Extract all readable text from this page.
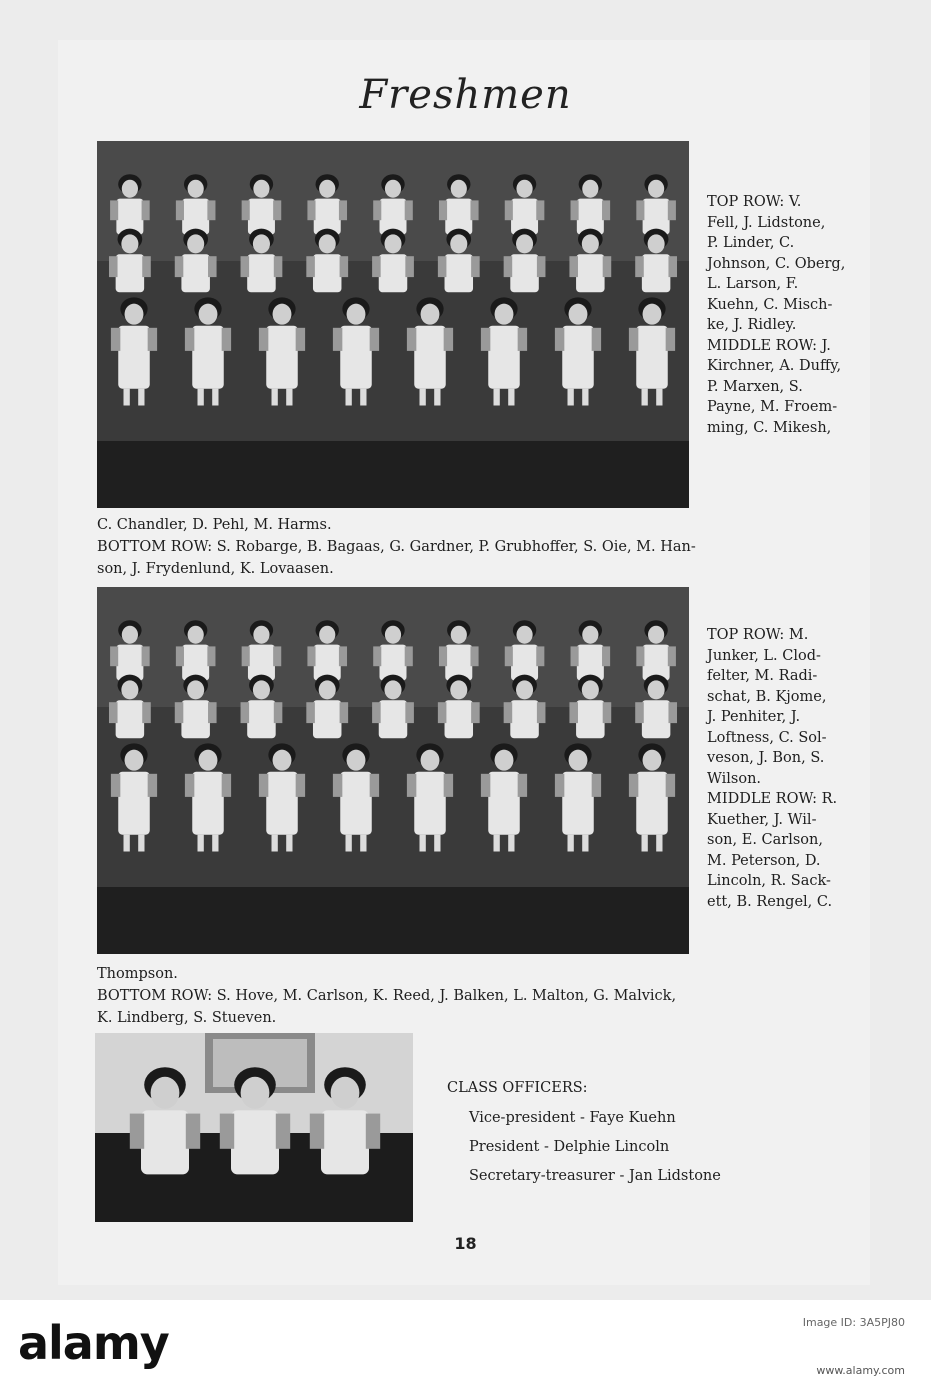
Freshmen
TOP ROW: V.
Fell, J. Lidstone,
P. Linder, C.
Johnson, C. Oberg,
L. Larson, F.
Kuehn, C. Misch-
ke, J. Ridley.
MIDDLE ROW: J.
Kirchner, A. Duffy,
P. Marxen, S.
Payne, M. Froem-
ming, C. Mikesh,
C. Chandler, D. Pehl, M. Harms.
BOTTOM ROW: S. Robarge, B. Bagaas, G. Gardner, P. Grubhoffer, S. Oie, M. Han-
son, J. Frydenlund, K. Lovaasen.
TOP ROW: M.
Junker, L. Clod-
felter, M. Radi-
schat, B. Kjome,
J. Penhiter, J.
Loftness, C. Sol-
veson, J. Bon, S.
Wilson.
MIDDLE ROW: R.
Kuether, J. Wil-
son, E. Carlson,
M. Peterson, D.
Lincoln, R. Sack-
ett, B. Rengel, C.
Thompson.
BOTTOM ROW: S. Hove, M. Carlson, K. Reed, J. Balken, L. Malton, G. Malvick,
K. Lindberg, S. Stueven.
CLASS OFFICERS:
Vice-president - Faye Kuehn
President - Delphie Lincoln
Secretary-treasurer - Jan Lidstone
18
alamy	Image ID: 3A5PJ80
www.alamy.com
